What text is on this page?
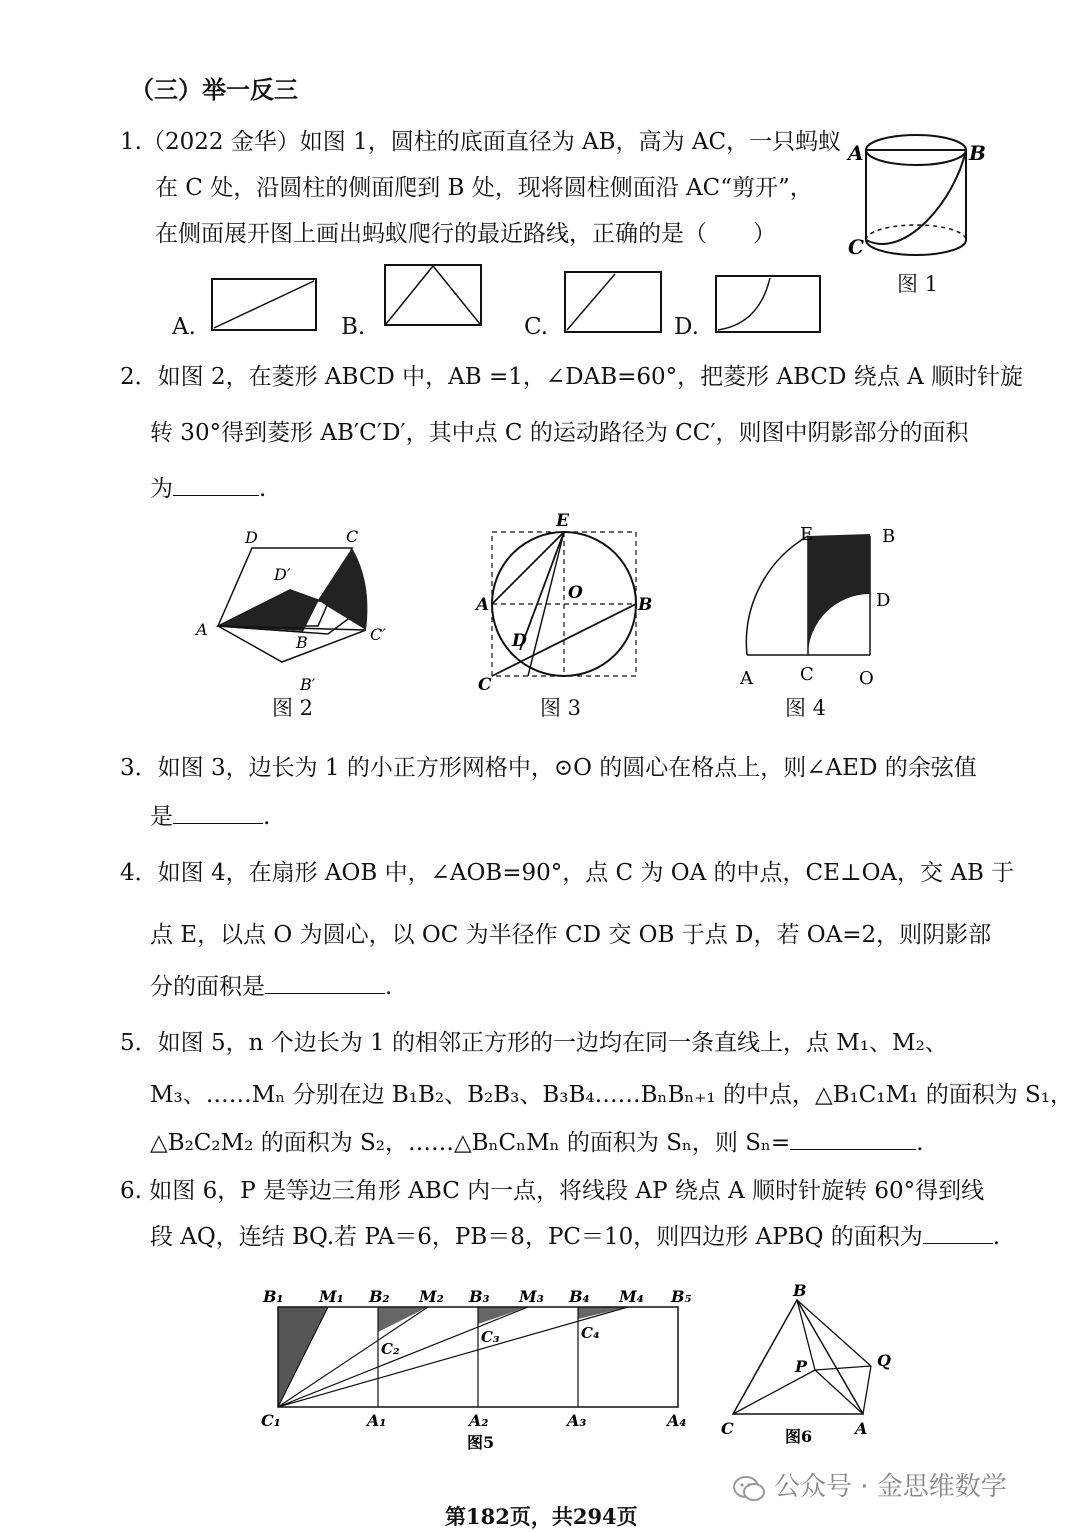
（三）举一反三
1.（2022 金华）如图 1，圆柱的底面直径为 AB，高为 AC，一只蚂蚁
在 C 处，沿圆柱的侧面爬到 B 处，现将圆柱侧面沿 AC“剪开”，
在侧面展开图上画出蚂蚁爬行的最近路线，正确的是（　　）
A	B
C
图 1
A.	B.	C.	D.
2．如图 2，在菱形 ABCD 中，AB =1，∠DAB=60°，把菱形 ABCD 绕点 A 顺时针旋
转 30°得到菱形 AB′C′D′，其中点 C 的运动路径为 CC′，则图中阴影部分的面积
为	.
D	C
D′
A
B	C′
B′
图 2
E
A
O
B
D
C
图 3
E	B
D
A	C	O
图 4
3．如图 3，边长为 1 的小正方形网格中，⊙O 的圆心在格点上，则∠AED 的余弦值
是	.
4．如图 4，在扇形 AOB 中，∠AOB=90°，点 C 为 OA 的中点，CE⊥OA，交 AB 于
点 E，以点 O 为圆心，以 OC 为半径作 CD 交 OB 于点 D，若 OA=2，则阴影部
分的面积是	.
5．如图 5，n 个边长为 1 的相邻正方形的一边均在同一条直线上，点 M₁、M₂、
M₃、……Mₙ 分别在边 B₁B₂、B₂B₃、B₃B₄……BₙBₙ₊₁ 的中点，△B₁C₁M₁ 的面积为 S₁，
△B₂C₂M₂ 的面积为 S₂，……△BₙCₙMₙ 的面积为 Sₙ，则 Sₙ=	.
6. 如图 6，P 是等边三角形 ABC 内一点，将线段 AP 绕点 A 顺时针旋转 60°得到线
段 AQ，连结 BQ.若 PA＝6，PB＝8，PC＝10，则四边形 APBQ 的面积为	.
B₁ M₁ B₂ M₂ B₃ M₃ B₄ M₄ B₅
C₂
C₃	C₄
C₁	A₁	A₂	A₃	A₄
图5
B
Q
P
C	A
图6
公众号 · 金思维数学
第182页，共294页
